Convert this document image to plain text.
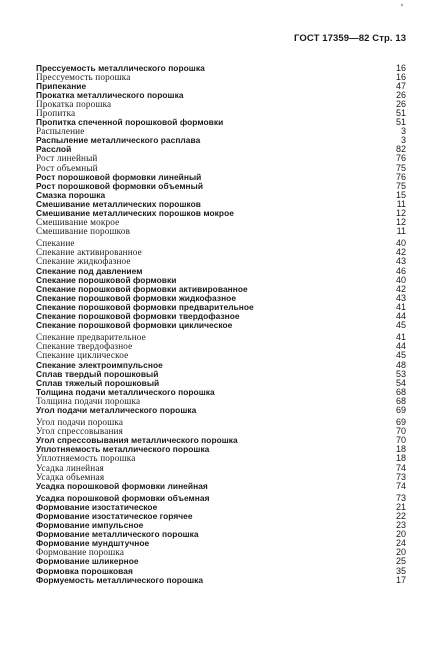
'
ГОСТ 17359—82 Стр. 13
Прессуемость металлического порошка	16
Прессуемость порошка	16
Припекание	47
Прокатка металлического порошка	26
Прокатка порошка	26
Пропитка	51
Пропитка спеченной порошковой формовки	51
Распыление	3
Распыление металлического расплава	3
Расслой	82
Рост линейный	76
Рост объемный	75
Рост порошковой формовки линейный	76
Рост порошковой формовки объемный	75
Смазка порошка	15
Смешивание металлических порошков	11
Смешивание металлических порошков мокрое	12
Смешивание мокрое	12
Смешивание порошков	11
Спекание	40
Спекание активированное	42
Спекание жидкофазное	43
Спекание под давлением	46
Спекание порошковой формовки	40
Спекание порошковой формовки активированное	42
Спекание порошковой формовки жидкофазное	43
Спекание порошковой формовки предварительное	41
Спекание порошковой формовки твердофазное	44
Спекание порошковой формовки циклическое	45
Спекание предварительное	41
Спекание твердофазное	44
Спекание циклическое	45
Спекание электроимпульсное	48
Сплав твердый порошковый	53
Сплав тяжелый порошковый	54
Толщина подачи металлического порошка	68
Толщина подачи порошка	68
Угол подачи металлического порошка	69
Угол подачи порошка	69
Угол спрессовывания	70
Угол спрессовывания металлического порошка	70
Уплотняемость металлического порошка	18
Уплотняемость порошка	18
Усадка линейная	74
Усадка объемная	73
Усадка порошковой формовки линейная	74
Усадка порошковой формовки объемная	73
Формование изостатическое	21
Формование изостатическое горячее	22
Формование импульсное	23
Формование металлического порошка	20
Формование мундштучное	24
Формование порошка	20
Формование шликерное	25
Формовка порошковая	35
Формуемость металлического порошка	17
